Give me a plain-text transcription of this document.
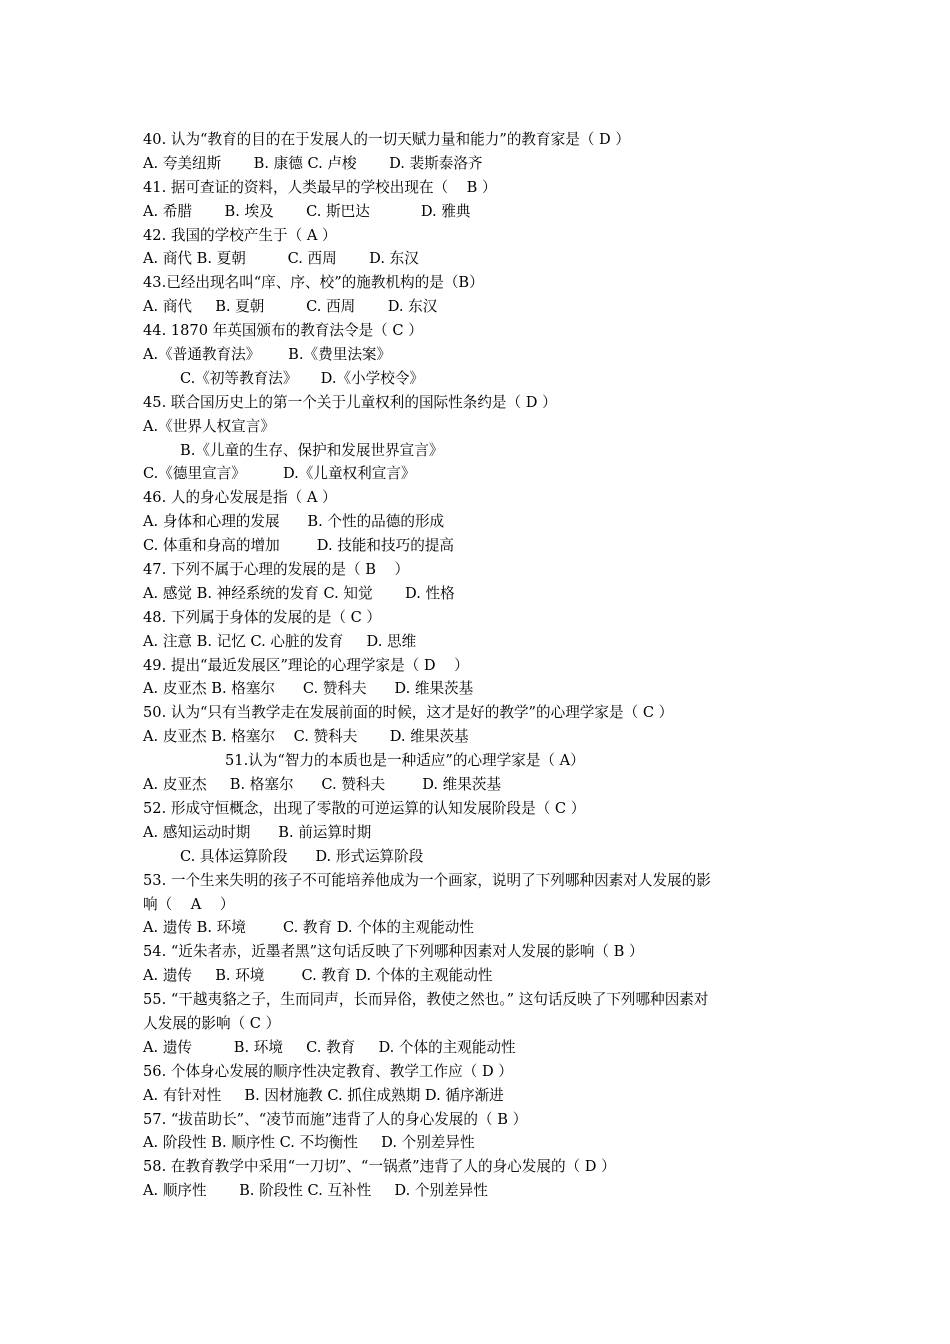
40. 认为“教育的目的在于发展人的一切天赋力量和能力”的教育家是（ D ）
A. 夸美纽斯       B. 康德 C. 卢梭       D. 裴斯泰洛齐
41. 据可查证的资料，人类最早的学校出现在（    B ）
A. 希腊       B. 埃及       C. 斯巴达           D. 雅典
42. 我国的学校产生于（ A ）
A. 商代 B. 夏朝         C. 西周       D. 东汉
43.已经出现名叫“庠、序、校”的施教机构的是（B）
A. 商代     B. 夏朝         C. 西周       D. 东汉
44. 1870 年英国颁布的教育法令是（ C ）
A.《普通教育法》      B.《费里法案》
C.《初等教育法》     D.《小学校令》
45. 联合国历史上的第一个关于儿童权利的国际性条约是（ D ）
A.《世界人权宣言》
B.《儿童的生存、保护和发展世界宣言》
C.《德里宣言》        D.《儿童权利宣言》
46. 人的身心发展是指（ A ）
A. 身体和心理的发展      B. 个性的品德的形成
C. 体重和身高的增加        D. 技能和技巧的提高
47. 下列不属于心理的发展的是（ B    ）
A. 感觉 B. 神经系统的发育 C. 知觉       D. 性格
48. 下列属于身体的发展的是（ C ）
A. 注意 B. 记忆 C. 心脏的发育     D. 思维
49. 提出“最近发展区”理论的心理学家是（ D    ）
A. 皮亚杰 B. 格塞尔      C. 赞科夫      D. 维果茨基
50. 认为“只有当教学走在发展前面的时候，这才是好的教学”的心理学家是（ C ）
A. 皮亚杰 B. 格塞尔    C. 赞科夫       D. 维果茨基
51.认为“智力的本质也是一种适应”的心理学家是（ A）
A. 皮亚杰     B. 格塞尔      C. 赞科夫        D. 维果茨基
52. 形成守恒概念，出现了零散的可逆运算的认知发展阶段是（ C ）
A. 感知运动时期      B. 前运算时期
C. 具体运算阶段      D. 形式运算阶段
53. 一个生来失明的孩子不可能培养他成为一个画家，说明了下列哪种因素对人发展的影
响（    A    ）
A. 遗传 B. 环境        C. 教育 D. 个体的主观能动性
54. “近朱者赤，近墨者黑”这句话反映了下列哪种因素对人发展的影响（ B ）
A. 遗传     B. 环境        C. 教育 D. 个体的主观能动性
55. “干越夷貉之子，生而同声，长而异俗，教使之然也。” 这句话反映了下列哪种因素对
人发展的影响（ C ）
A. 遗传         B. 环境     C. 教育     D. 个体的主观能动性
56. 个体身心发展的顺序性决定教育、教学工作应（ D ）
A. 有针对性     B. 因材施教 C. 抓住成熟期 D. 循序渐进
57. “拔苗助长”、“凌节而施”违背了人的身心发展的（ B ）
A. 阶段性 B. 顺序性 C. 不均衡性     D. 个别差异性
58. 在教育教学中采用“一刀切”、“一锅煮”违背了人的身心发展的（ D ）
A. 顺序性       B. 阶段性 C. 互补性     D. 个别差异性
